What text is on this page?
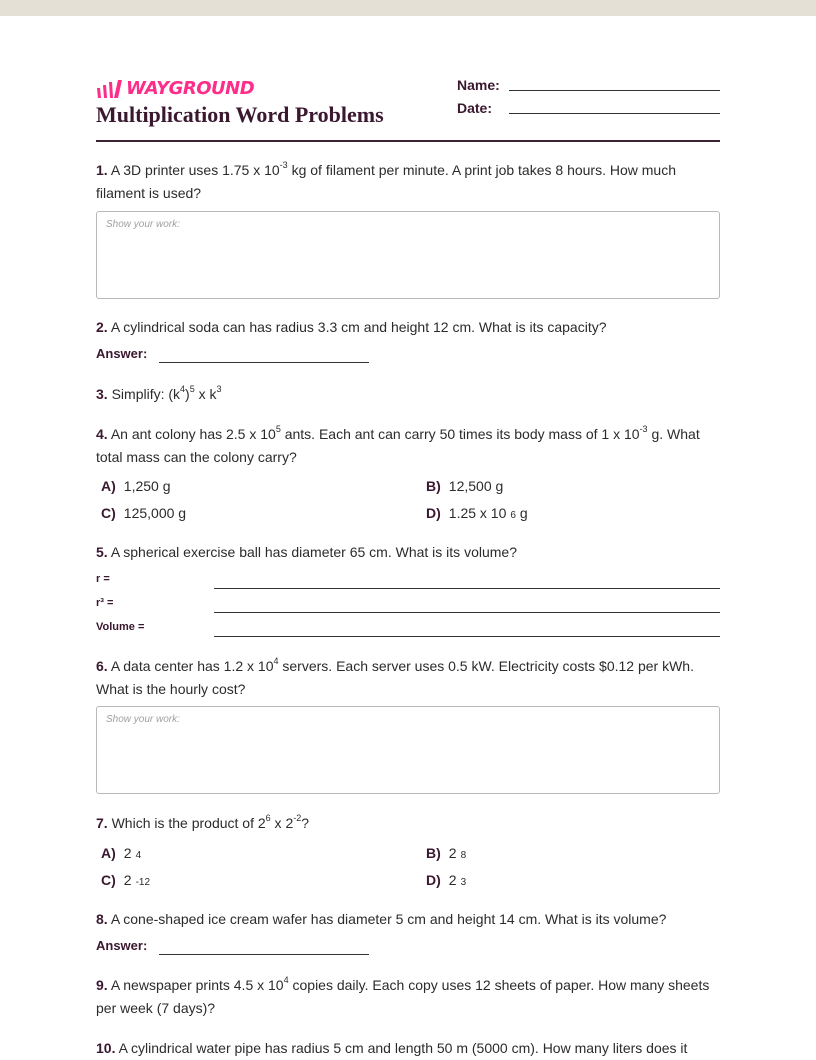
WAYGROUND
Multiplication Word Problems
Name:
Date:
1. A 3D printer uses 1.75 x $10^{-3}$ kg of filament per minute. A print job takes 8 hours. How much filament is used?
Show your work:
2. A cylindrical soda can has radius 3.3 cm and height 12 cm. What is its capacity?
Answer:
3. Simplify: $(k^4)^5$ x $k^3$
4. An ant colony has 2.5 x $10^5$ ants. Each ant can carry 50 times its body mass of 1 x $10^{-3}$ g. What total mass can the colony carry?
A) 1,250 g	B) 12,500 g
C) 125,000 g	D) 1.25 x 10 6 g
5. A spherical exercise ball has diameter 65 cm. What is its volume?
r =
r³ =
Volume =
6. A data center has 1.2 x $10^4$ servers. Each server uses 0.5 kW. Electricity costs $0.12 per kWh. What is the hourly cost?
Show your work:
7. Which is the product of $2^6$ x $2^{-2}$?
A) 2 4	B) 2 8
C) 2 -12	D) 2 3
8. A cone-shaped ice cream wafer has diameter 5 cm and height 14 cm. What is its volume?
Answer:
9. A newspaper prints 4.5 x $10^4$ copies daily. Each copy uses 12 sheets of paper. How many sheets per week (7 days)?
10. A cylindrical water pipe has radius 5 cm and length 50 m (5000 cm). How many liters does it
